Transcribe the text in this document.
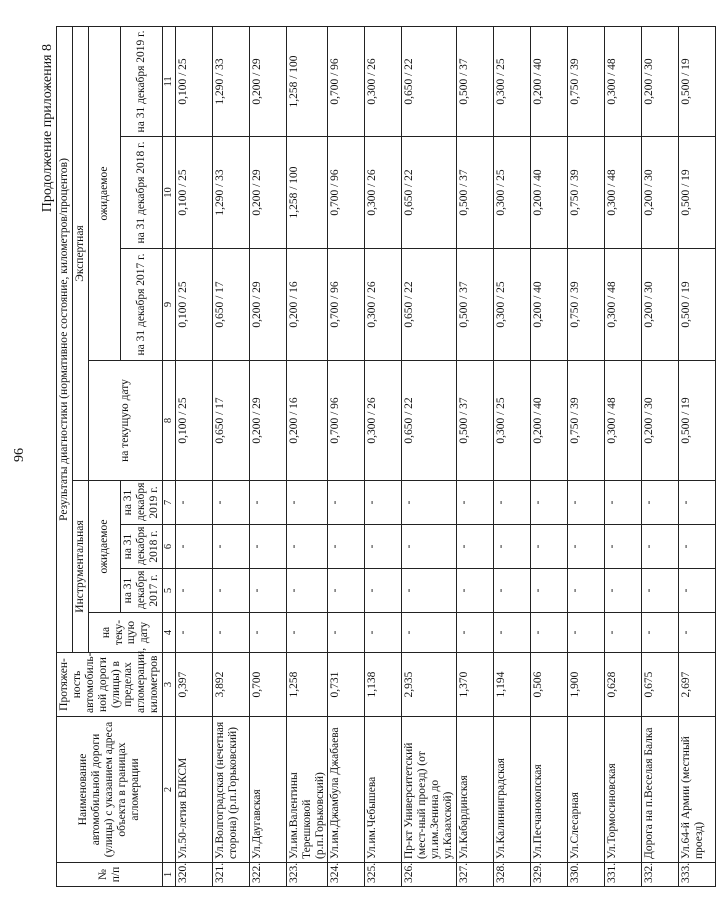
96
Продолжение приложения 8
№ п/п	Наименование автомобильной дороги (улицы) с указанием адреса объекта в границах агломерации	Протяжен-ность автомобиль-ной дороги (улицы) в пределах агломерации, километров	Результаты диагностики (нормативное состояние, километров/процентов)							
			Инструментальная				Экспертная			
			на теку-щую дату	ожидаемое			на текущую дату	ожидаемое		
				на 31 декабря 2017 г.	на 31 декабря 2018 г.	на 31 декабря 2019 г.		на 31 декабря 2017 г.	на 31 декабря 2018 г.	на 31 декабря 2019 г.
1	2	3	4	5	6	7	8	9	10	11
320.	Ул.50-летия ВЛКСМ	0,397	-	-	-	-	0,100 / 25	0,100 / 25	0,100 / 25	0,100 / 25
321.	Ул.Волгоградская (нечетная сторона) (р.п.Горьковский)	3,892	-	-	-	-	0,650 / 17	0,650 / 17	1,290 / 33	1,290 / 33
322.	Ул.Даугавская	0,700	-	-	-	-	0,200 / 29	0,200 / 29	0,200 / 29	0,200 / 29
323.	Ул.им.Валентины Терешковой (р.п.Горьковский)	1,258	-	-	-	-	0,200 / 16	0,200 / 16	1,258 / 100	1,258 / 100
324.	Ул.им.Джамбула Джабаева	0,731	-	-	-	-	0,700 / 96	0,700 / 96	0,700 / 96	0,700 / 96
325.	Ул.им.Чебышева	1,138	-	-	-	-	0,300 / 26	0,300 / 26	0,300 / 26	0,300 / 26
326.	Пр-кт Университетский (мест-ный проезд) (от ул.им.Зенина до ул.Казахской)	2,935	-	-	-	-	0,650 / 22	0,650 / 22	0,650 / 22	0,650 / 22
327.	Ул.Кабардинская	1,370	-	-	-	-	0,500 / 37	0,500 / 37	0,500 / 37	0,500 / 37
328.	Ул.Калининградская	1,194	-	-	-	-	0,300 / 25	0,300 / 25	0,300 / 25	0,300 / 25
329.	Ул.Песчанокопская	0,506	-	-	-	-	0,200 / 40	0,200 / 40	0,200 / 40	0,200 / 40
330.	Ул.Слесарная	1,900	-	-	-	-	0,750 / 39	0,750 / 39	0,750 / 39	0,750 / 39
331.	Ул.Тормосиновская	0,628	-	-	-	-	0,300 / 48	0,300 / 48	0,300 / 48	0,300 / 48
332.	Дорога на п.Веселая Балка	0,675	-	-	-	-	0,200 / 30	0,200 / 30	0,200 / 30	0,200 / 30
333.	Ул.64-й Армии (местный проезд)	2,697	-	-	-	-	0,500 / 19	0,500 / 19	0,500 / 19	0,500 / 19
